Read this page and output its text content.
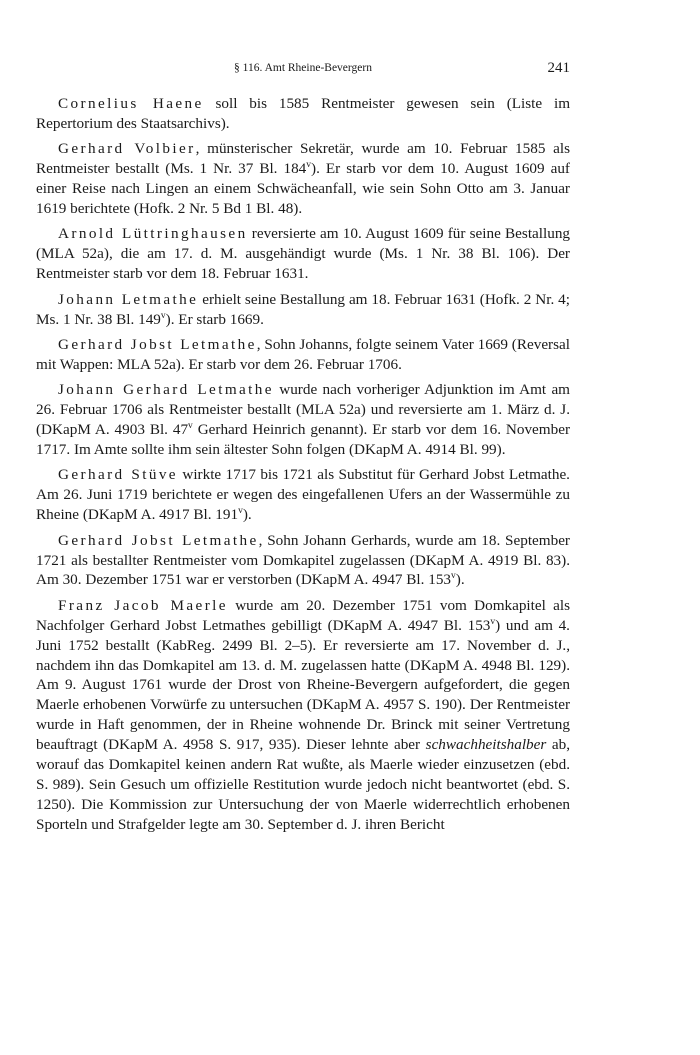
§ 116. Amt Rheine-Bevergern	241

Cornelius Haene soll bis 1585 Rentmeister gewesen sein (Liste im Repertorium des Staatsarchivs).

Gerhard Volbier, münsterischer Sekretär, wurde am 10. Februar 1585 als Rentmeister bestallt (Ms. 1 Nr. 37 Bl. 184$^v$). Er starb vor dem 10. August 1609 auf einer Reise nach Lingen an einem Schwächeanfall, wie sein Sohn Otto am 3. Januar 1619 berichtete (Hofk. 2 Nr. 5 Bd 1 Bl. 48).

Arnold Lüttringhausen reversierte am 10. August 1609 für seine Bestallung (MLA 52a), die am 17. d. M. ausgehändigt wurde (Ms. 1 Nr. 38 Bl. 106). Der Rentmeister starb vor dem 18. Februar 1631.

Johann Letmathe erhielt seine Bestallung am 18. Februar 1631 (Hofk. 2 Nr. 4; Ms. 1 Nr. 38 Bl. 149$^v$). Er starb 1669.

Gerhard Jobst Letmathe, Sohn Johanns, folgte seinem Vater 1669 (Reversal mit Wappen: MLA 52a). Er starb vor dem 26. Februar 1706.

Johann Gerhard Letmathe wurde nach vorheriger Adjunktion im Amt am 26. Februar 1706 als Rentmeister bestallt (MLA 52a) und reversierte am 1. März d. J. (DKapM A. 4903 Bl. 47$^v$ Gerhard Heinrich genannt). Er starb vor dem 16. November 1717. Im Amte sollte ihm sein ältester Sohn folgen (DKapM A. 4914 Bl. 99).

Gerhard Stüve wirkte 1717 bis 1721 als Substitut für Gerhard Jobst Letmathe. Am 26. Juni 1719 berichtete er wegen des eingefallenen Ufers an der Wassermühle zu Rheine (DKapM A. 4917 Bl. 191$^v$).

Gerhard Jobst Letmathe, Sohn Johann Gerhards, wurde am 18. September 1721 als bestallter Rentmeister vom Domkapitel zugelassen (DKapM A. 4919 Bl. 83). Am 30. Dezember 1751 war er verstorben (DKapM A. 4947 Bl. 153$^v$).

Franz Jacob Maerle wurde am 20. Dezember 1751 vom Domkapitel als Nachfolger Gerhard Jobst Letmathes gebilligt (DKapM A. 4947 Bl. 153$^v$) und am 4. Juni 1752 bestallt (KabReg. 2499 Bl. 2–5). Er reversierte am 17. November d. J., nachdem ihn das Domkapitel am 13. d. M. zugelassen hatte (DKapM A. 4948 Bl. 129). Am 9. August 1761 wurde der Drost von Rheine-Bevergern aufgefordert, die gegen Maerle erhobenen Vorwürfe zu untersuchen (DKapM A. 4957 S. 190). Der Rentmeister wurde in Haft genommen, der in Rheine wohnende Dr. Brinck mit seiner Vertretung beauftragt (DKapM A. 4958 S. 917, 935). Dieser lehnte aber schwachheitshalber ab, worauf das Domkapitel keinen andern Rat wußte, als Maerle wieder einzusetzen (ebd. S. 989). Sein Gesuch um offizielle Restitution wurde jedoch nicht beantwortet (ebd. S. 1250). Die Kommission zur Untersuchung der von Maerle widerrechtlich erhobenen Sporteln und Strafgelder legte am 30. September d. J. ihren Bericht
